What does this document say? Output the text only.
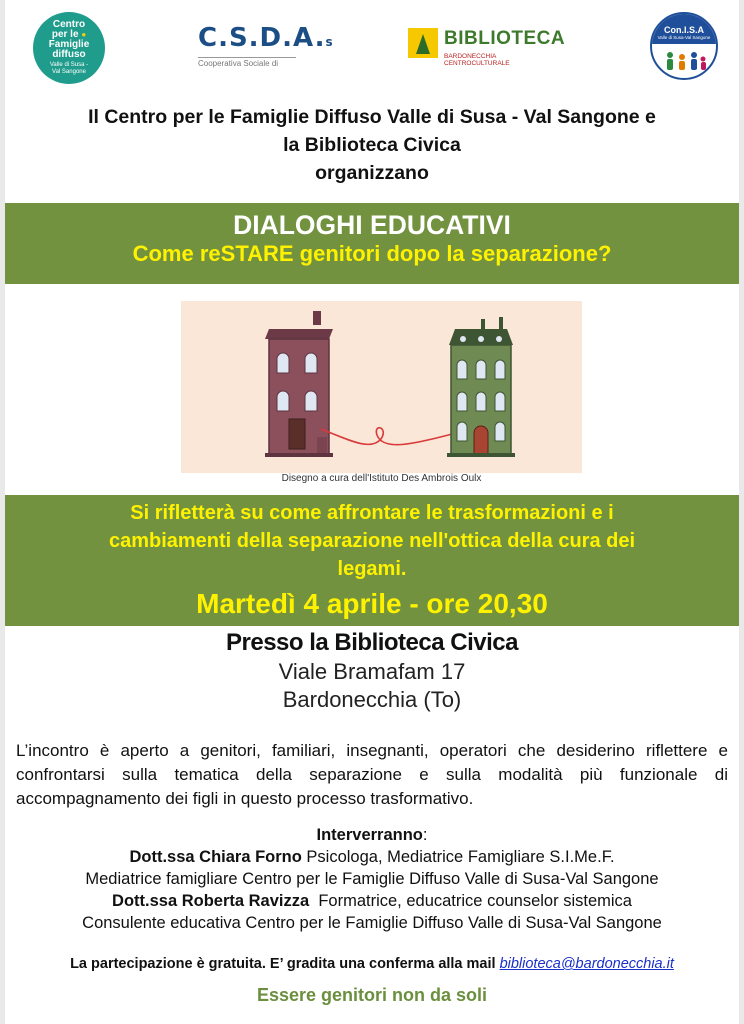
Centro
per le ●
Famiglie
diffuso
Valle di Susa -
Val Sangone
C.S.D.A.s
Cooperativa Sociale di
BIBLIOTECA
BARDONECCHIA CENTROCULTURALE
Con.I.S.A
Valle di Susa-Val Sangone
Il Centro per le Famiglie Diffuso Valle di Susa - Val Sangone e
la Biblioteca Civica
organizzano
DIALOGHI EDUCATIVI
Come reSTARE genitori dopo la separazione?
Disegno a cura dell'Istituto Des Ambrois Oulx
Si rifletterà su come affrontare le trasformazioni e i
cambiamenti della separazione nell'ottica della cura dei
legami.
Martedì 4 aprile - ore 20,30
Presso la Biblioteca Civica
Viale Bramafam 17
Bardonecchia (To)
L’incontro è aperto a genitori, familiari, insegnanti, operatori che desiderino riflettere e confrontarsi sulla tematica della separazione e sulla modalità più funzionale di accompagnamento dei figli in questo processo trasformativo.
Interverranno:
Dott.ssa Chiara Forno Psicologa, Mediatrice Famigliare S.I.Me.F.
Mediatrice famigliare Centro per le Famiglie Diffuso Valle di Susa-Val Sangone
Dott.ssa Roberta Ravizza  Formatrice, educatrice counselor sistemica
Consulente educativa Centro per le Famiglie Diffuso Valle di Susa-Val Sangone
La partecipazione è gratuita. E’ gradita una conferma alla mail biblioteca@bardonecchia.it
Essere genitori non da soli
